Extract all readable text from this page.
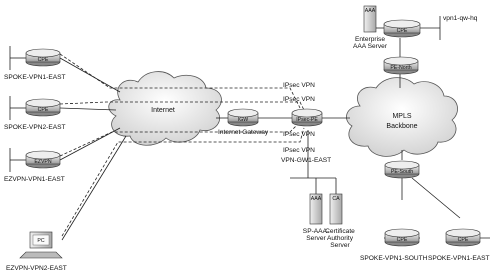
Internet
MPLS
Backbone
IPsec VPN
IPsec VPN
IPsec VPN
IPsec VPN
CPE
SPOKE-VPN1-EAST
CPE
SPOKE-VPN2-EAST
EZVPN
EZVPN-VPN1-EAST
PC
EZVPN-VPN2-EAST
IGW
Internet Gateway
IPsec-PE
VPN-GW1-EAST
CPE
vpn1-qw-hq
PE-North
PE-South
CPE
SPOKE-VPN1-SOUTH
CPE
SPOKE-VPN1-EAST
AAA
Enterprise
AAA Server
AAA
SP-AAA-
Server
CA
Certificate
Authority
Server
